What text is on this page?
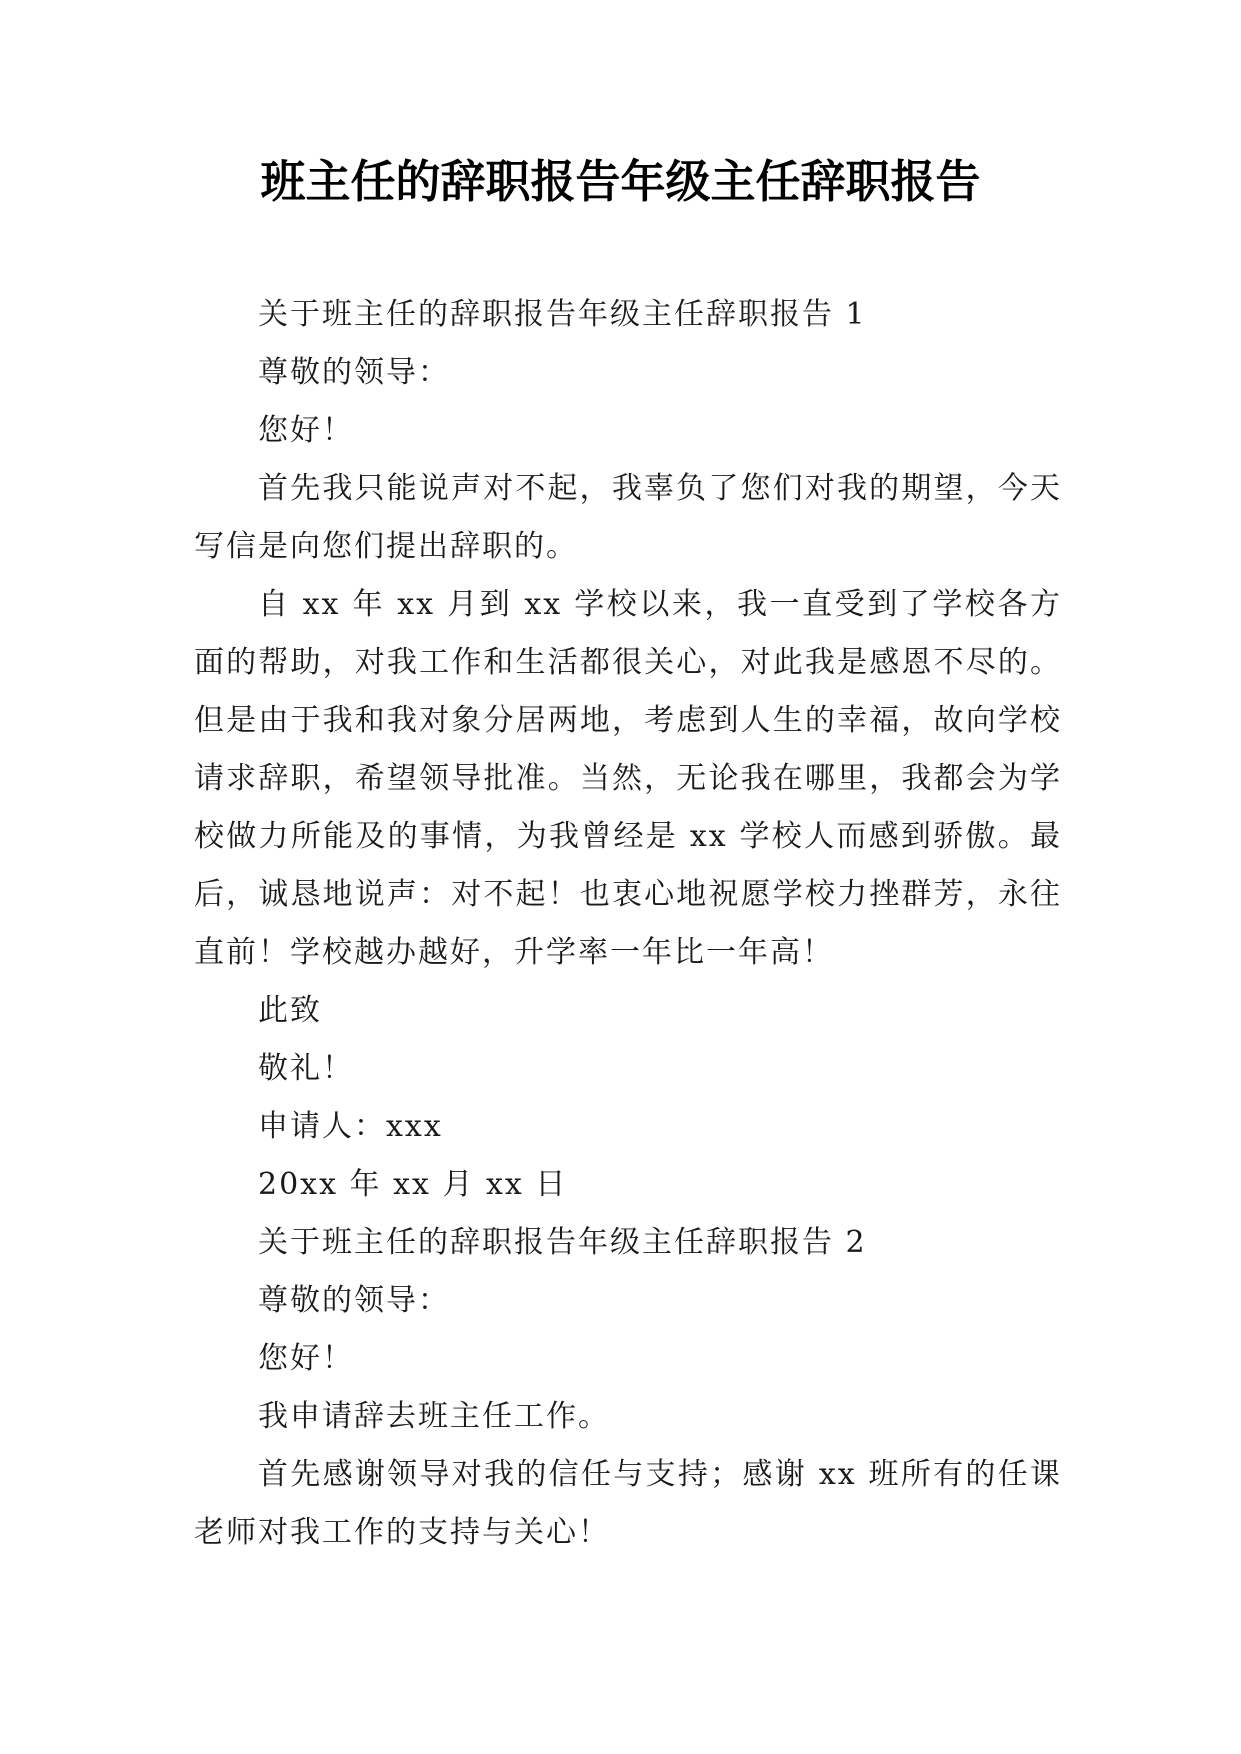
班主任的辞职报告年级主任辞职报告

关于班主任的辞职报告年级主任辞职报告 1

尊敬的领导：

您好！

首先我只能说声对不起，我辜负了您们对我的期望，今天写信是向您们提出辞职的。

自 xx 年 xx 月到 xx 学校以来，我一直受到了学校各方面的帮助，对我工作和生活都很关心，对此我是感恩不尽的。但是由于我和我对象分居两地，考虑到人生的幸福，故向学校请求辞职，希望领导批准。当然，无论我在哪里，我都会为学校做力所能及的事情，为我曾经是 xx 学校人而感到骄傲。最后，诚恳地说声：对不起！也衷心地祝愿学校力挫群芳，永往直前！学校越办越好，升学率一年比一年高！

此致

敬礼！

申请人：xxx

20xx 年 xx 月 xx 日

关于班主任的辞职报告年级主任辞职报告 2

尊敬的领导：

您好！

我申请辞去班主任工作。

首先感谢领导对我的信任与支持；感谢 xx 班所有的任课老师对我工作的支持与关心！
